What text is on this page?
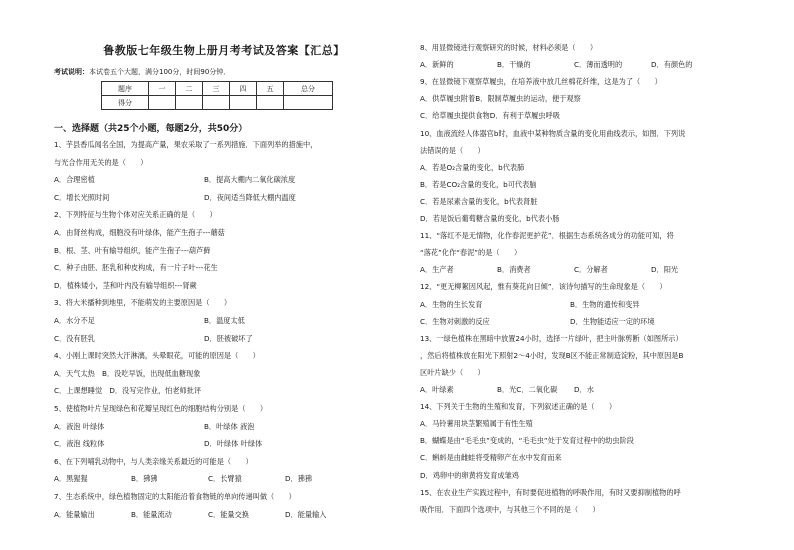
鲁教版七年级生物上册月考考试及答案【汇总】
考试说明：本试卷五个大题，满分100分，时间90分钟．
题序	一	二	三	四	五	总分
得分						
一、选择题（共25个小题，每题2分，共50分）
1、芋县香瓜闻名全国，为提高产量，果农采取了一系列措施．下面列举的措施中，
与光合作用无关的是（　　）
A．合理密植	B．提高大棚内二氧化碳浓度
C．增长光照时间	D．夜间适当降低大棚内温度
2、下列特征与生物个体对应关系正确的是（　　）
A．由肾丝构成，细胞没有叶绿体，能产生孢子---蘑菇
B．根、茎、叶有输导组织，能产生孢子---葫芦藓
C．种子由胚、胚乳和种皮构成，有一片子叶---花生
D．植株矮小，茎和叶内没有输导组织---肾蕨
3、将大米播种到地里，不能萌发的主要原因是（　　）
A．水分不足	B．温度太低
C．没有胚乳	D．胚被破坏了
4、小刚上课时突然大汗淋漓，头晕眼花，可能的原因是（　　）
A．天气太热　B．没吃早饭，出现低血糖现象
C．上课想睡觉　D．没写完作业，怕老师批评
5、使植物叶片呈现绿色和花瓣呈现红色的细胞结构分别是（　　）
A．液泡 叶绿体	B．叶绿体 液泡
C．液泡 线粒体	D．叶绿体 叶绿体
6、在下列哺乳动物中，与人类亲缘关系最近的可能是（　　）
A．黑猩猩	B．狒狒	C．长臂猿	D．狒狒
7、生态系统中，绿色植物固定的太阳能沿着食物链的单向传递叫做（　　）
A．能量输出	B．能量流动	C．能量交换	D．能量输入
8、用显微镜进行观察研究的时候，材料必须是（　　）
A．新鲜的	B．干燥的	C．薄而透明的	D．有颜色的
9、在显微镜下观察草履虫，在培养液中放几丝棉花纤维，这是为了（　　）
A．供草履虫附着B．限制草履虫的运动，便于观察
C．给草履虫提供食物D．有利于草履虫呼吸
10、血液流经人体器官b时，血液中某种物质含量的变化用曲线表示，如图．下列说
法错误的是（　　）
A．若是O₂含量的变化，b代表肺
B．若是CO₂含量的变化，b可代表脑
C．若是尿素含量的变化，b代表肾脏
D．若是饭后葡萄糖含量的变化，b代表小肠
11、“落红不是无情物，化作春泥更护花”．根据生态系统各成分的功能可知，将
“落花”化作“春泥”的是（　　）
A．生产者	B．消费者	C．分解者	D．阳光
12、“更无柳絮因风起，惟有葵花向日倾”．该诗句描写的生命现象是（　　）
A．生物的生长发育	B．生物的遗传和变异
C．生物对刺激的反应	D．生物能适应一定的环境
13、一绿色植株在黑暗中放置24小时，选择一片绿叶，把主叶脉剪断（如图所示）
，然后将植株放在阳光下照射2～4小时，发现B区不能正常制造淀粉，其中原因是B
区叶片缺少（　　）
A．叶绿素	B．光C．二氧化碳 D．水
14、下列关于生物的生殖和发育，下列叙述正确的是（　　）
A．马铃薯用块茎繁殖属于有性生殖
B．蝴蝶是由“毛毛虫”变成的，“毛毛虫”处于发育过程中的幼虫阶段
C．蝌蚪是由雌蛙将受精卵产在水中发育而来
D．鸡卵中的卵黄将发育成雏鸡
15、在农业生产实践过程中，有时要促进植物的呼吸作用，有时又要抑制植物的呼
吸作用．下面四个选项中，与其他三个不同的是（　　）
